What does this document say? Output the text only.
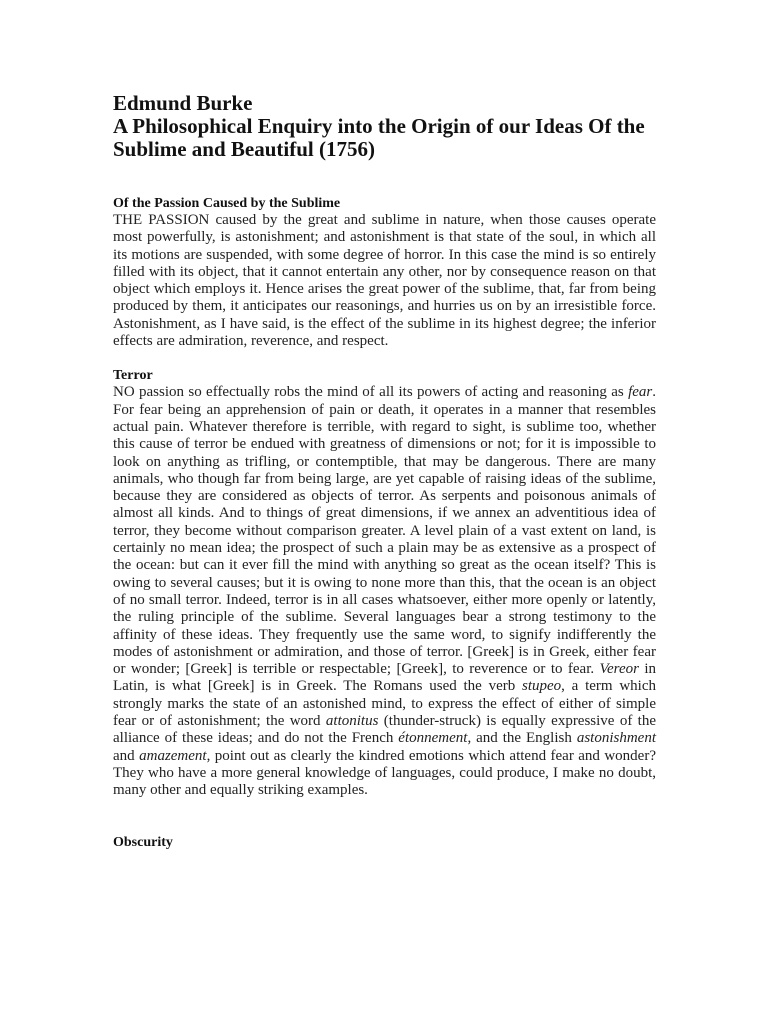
Edmund Burke
A Philosophical Enquiry into the Origin of our Ideas Of the Sublime and Beautiful (1756)
Of the Passion Caused by the Sublime

THE PASSION caused by the great and sublime in nature, when those causes operate most powerfully, is astonishment; and astonishment is that state of the soul, in which all its motions are suspended, with some degree of horror. In this case the mind is so entirely filled with its object, that it cannot entertain any other, nor by consequence reason on that object which employs it. Hence arises the great power of the sublime, that, far from being produced by them, it anticipates our reasonings, and hurries us on by an irresistible force. Astonishment, as I have said, is the effect of the sublime in its highest degree; the inferior effects are admiration, reverence, and respect.

Terror

NO passion so effectually robs the mind of all its powers of acting and reasoning as fear. For fear being an apprehension of pain or death, it operates in a manner that resembles actual pain. Whatever therefore is terrible, with regard to sight, is sublime too, whether this cause of terror be endued with greatness of dimensions or not; for it is impossible to look on anything as trifling, or contemptible, that may be dangerous. There are many animals, who though far from being large, are yet capable of raising ideas of the sublime, because they are considered as objects of terror. As serpents and poisonous animals of almost all kinds. And to things of great dimensions, if we annex an adventitious idea of terror, they become without comparison greater. A level plain of a vast extent on land, is certainly no mean idea; the prospect of such a plain may be as extensive as a prospect of the ocean: but can it ever fill the mind with anything so great as the ocean itself? This is owing to several causes; but it is owing to none more than this, that the ocean is an object of no small terror. Indeed, terror is in all cases whatsoever, either more openly or latently, the ruling principle of the sublime. Several languages bear a strong testimony to the affinity of these ideas. They frequently use the same word, to signify indifferently the modes of astonishment or admiration, and those of terror. [Greek] is in Greek, either fear or wonder; [Greek] is terrible or respectable; [Greek], to reverence or to fear. Vereor in Latin, is what [Greek] is in Greek. The Romans used the verb stupeo, a term which strongly marks the state of an astonished mind, to express the effect of either of simple fear or of astonishment; the word attonitus (thunder-struck) is equally expressive of the alliance of these ideas; and do not the French étonnement, and the English astonishment and amazement, point out as clearly the kindred emotions which attend fear and wonder? They who have a more general knowledge of languages, could produce, I make no doubt, many other and equally striking examples.

Obscurity
